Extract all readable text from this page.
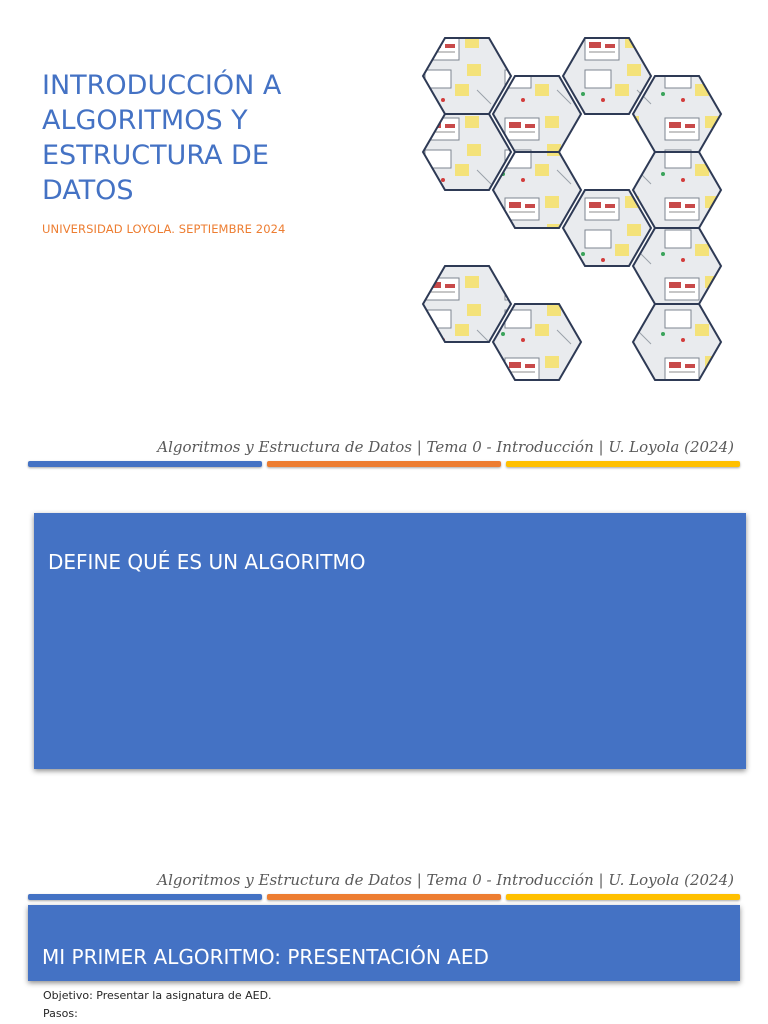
INTRODUCCIÓN A
ALGORITMOS Y
ESTRUCTURA DE
DATOS
UNIVERSIDAD LOYOLA. SEPTIEMBRE 2024
Algoritmos y Estructura de Datos | Tema 0 - Introducción | U. Loyola (2024)
DEFINE QUÉ ES UN ALGORITMO
Algoritmos y Estructura de Datos | Tema 0 - Introducción | U. Loyola (2024)
MI PRIMER ALGORITMO: PRESENTACIÓN AED
Objetivo: Presentar la asignatura de AED.
Pasos:
